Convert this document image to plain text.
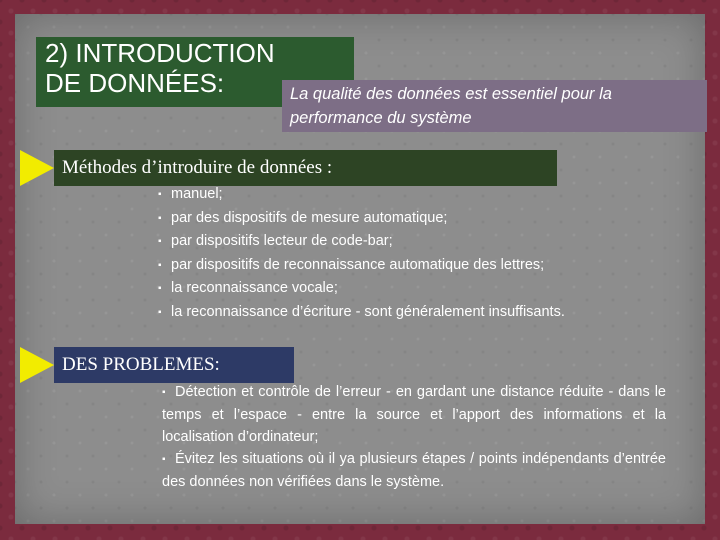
2) INTRODUCTION
DE DONNÉES:	La qualité des données est essentiel pour la performance du système
Méthodes d’introduire de données :
▪ manuel;
▪ par des dispositifs de mesure automatique;
▪ par dispositifs lecteur de code-bar;
▪ par dispositifs de reconnaissance automatique des lettres;
▪ la reconnaissance vocale;
▪ la reconnaissance d’écriture - sont généralement insuffisants.
DES PROBLEMES:
▪ Détection et contrôle de l’erreur - en gardant une distance réduite - dans le temps et l’espace - entre la source et l’apport des informations et la localisation d’ordinateur;
▪ Évitez les situations où il ya plusieurs étapes / points indépendants d’entrée des données non vérifiées dans le système.
